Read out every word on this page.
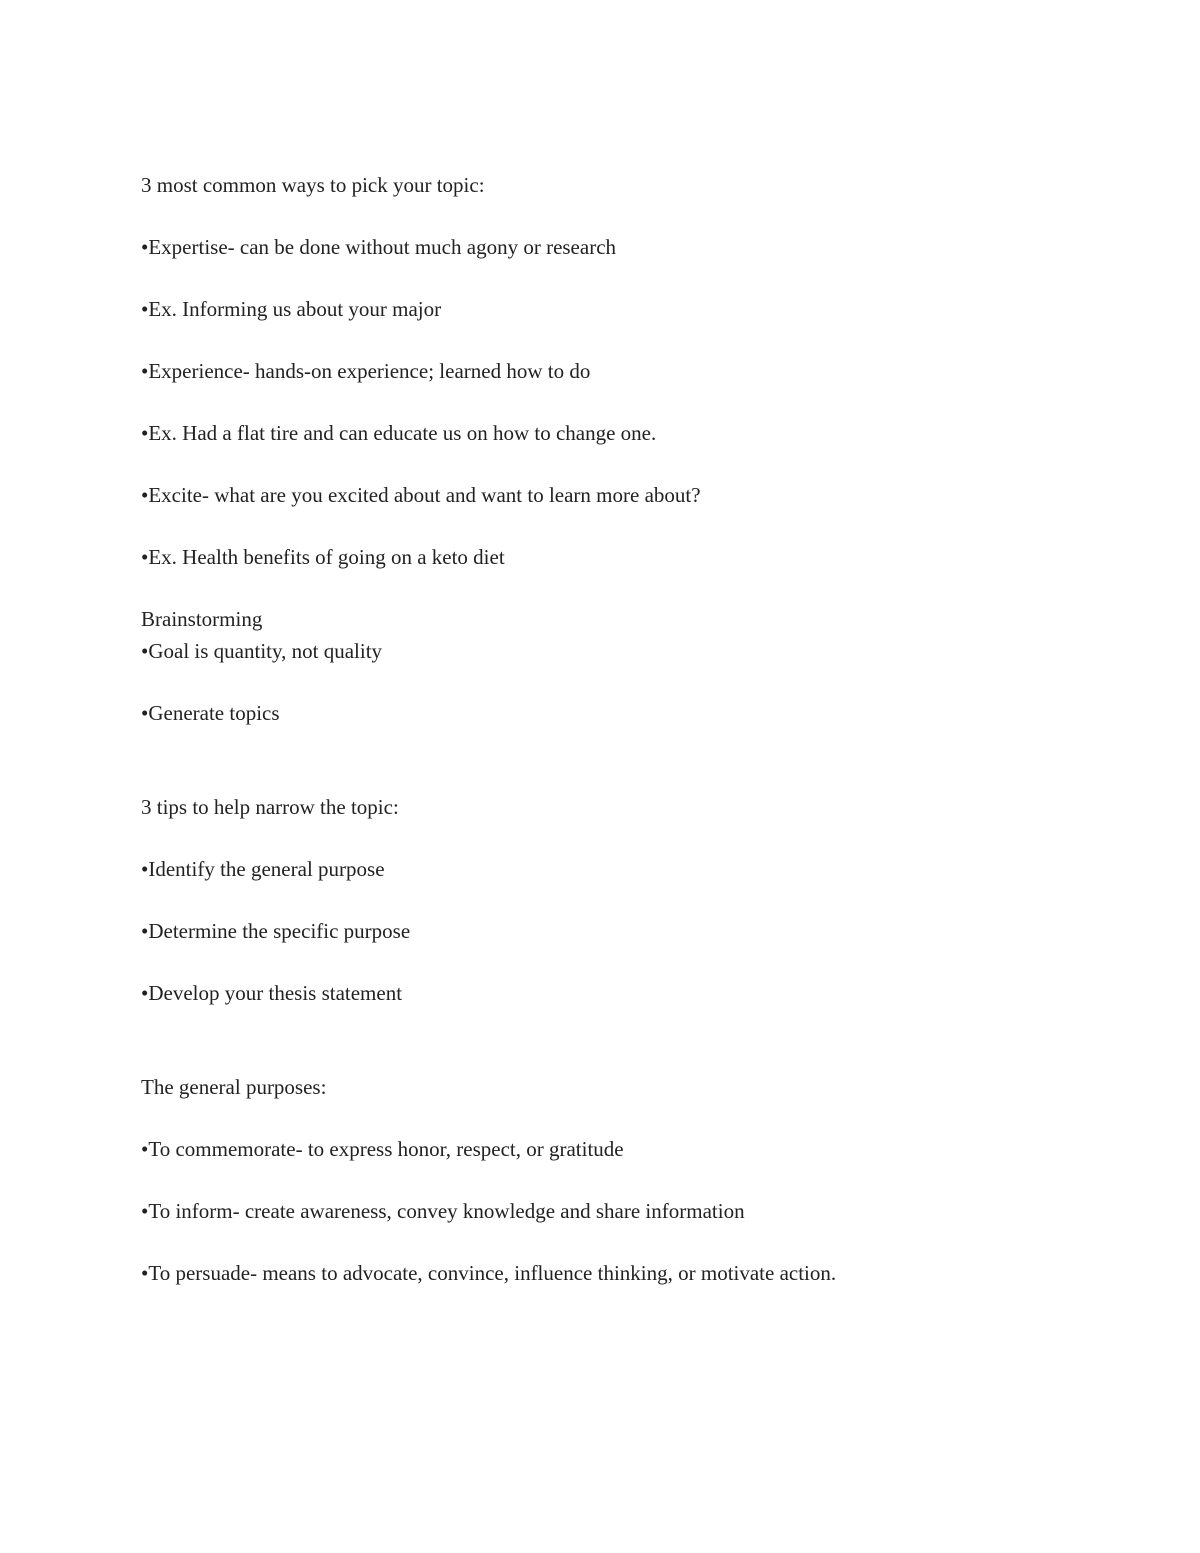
3 most common ways to pick your topic:

•Expertise- can be done without much agony or research

•Ex. Informing us about your major

•Experience- hands-on experience; learned how to do

•Ex. Had a flat tire and can educate us on how to change one.

•Excite- what are you excited about and want to learn more about?

•Ex. Health benefits of going on a keto diet

Brainstorming

•Goal is quantity, not quality

•Generate topics

3 tips to help narrow the topic:

•Identify the general purpose

•Determine the specific purpose

•Develop your thesis statement

The general purposes:

•To commemorate- to express honor, respect, or gratitude

•To inform- create awareness, convey knowledge and share information

•To persuade- means to advocate, convince, influence thinking, or motivate action.
